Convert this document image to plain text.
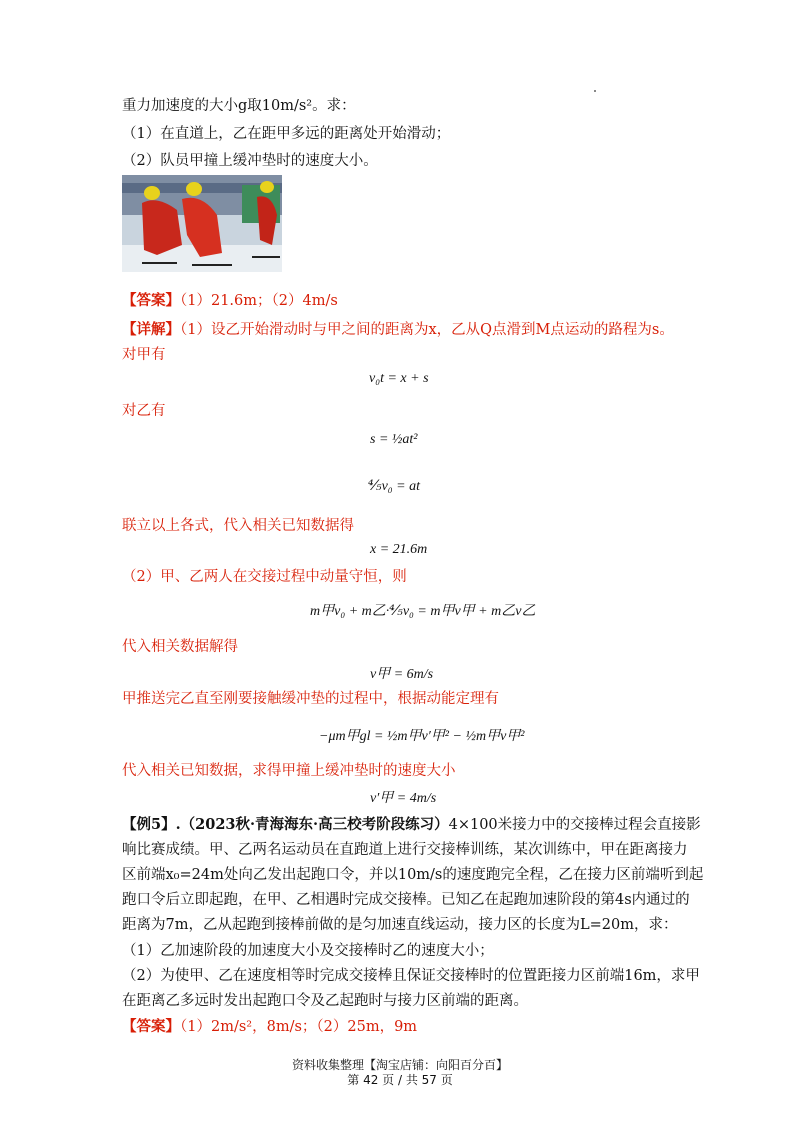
重力加速度的大小g取10m/s²。求：
（1）在直道上，乙在距甲多远的距离处开始滑动；
（2）队员甲撞上缓冲垫时的速度大小。
【答案】（1）21.6m；（2）4m/s
【详解】（1）设乙开始滑动时与甲之间的距离为x，乙从Q点滑到M点运动的路程为s。
对甲有
v₀t = x + s
对乙有
s = ½at²
⅘v₀ = at
联立以上各式，代入相关已知数据得
x = 21.6m
（2）甲、乙两人在交接过程中动量守恒，则
m甲v₀ + m乙·⅘v₀ = m甲v甲 + m乙v乙
代入相关数据解得
v甲 = 6m/s
甲推送完乙直至刚要接触缓冲垫的过程中，根据动能定理有
−μm甲gl = ½m甲v′甲² − ½m甲v甲²
代入相关已知数据，求得甲撞上缓冲垫时的速度大小
v′甲 = 4m/s
【例5】.（2023秋·青海海东·高三校考阶段练习）4×100米接力中的交接棒过程会直接影
响比赛成绩。甲、乙两名运动员在直跑道上进行交接棒训练，某次训练中，甲在距离接力
区前端x₀=24m处向乙发出起跑口令，并以10m/s的速度跑完全程，乙在接力区前端听到起
跑口令后立即起跑，在甲、乙相遇时完成交接棒。已知乙在起跑加速阶段的第4s内通过的
距离为7m，乙从起跑到接棒前做的是匀加速直线运动，接力区的长度为L=20m，求：
（1）乙加速阶段的加速度大小及交接棒时乙的速度大小；
（2）为使甲、乙在速度相等时完成交接棒且保证交接棒时的位置距接力区前端16m，求甲
在距离乙多远时发出起跑口令及乙起跑时与接力区前端的距离。
【答案】（1）2m/s²，8m/s；（2）25m，9m
资料收集整理【淘宝店铺：向阳百分百】
第 42 页 / 共 57 页
